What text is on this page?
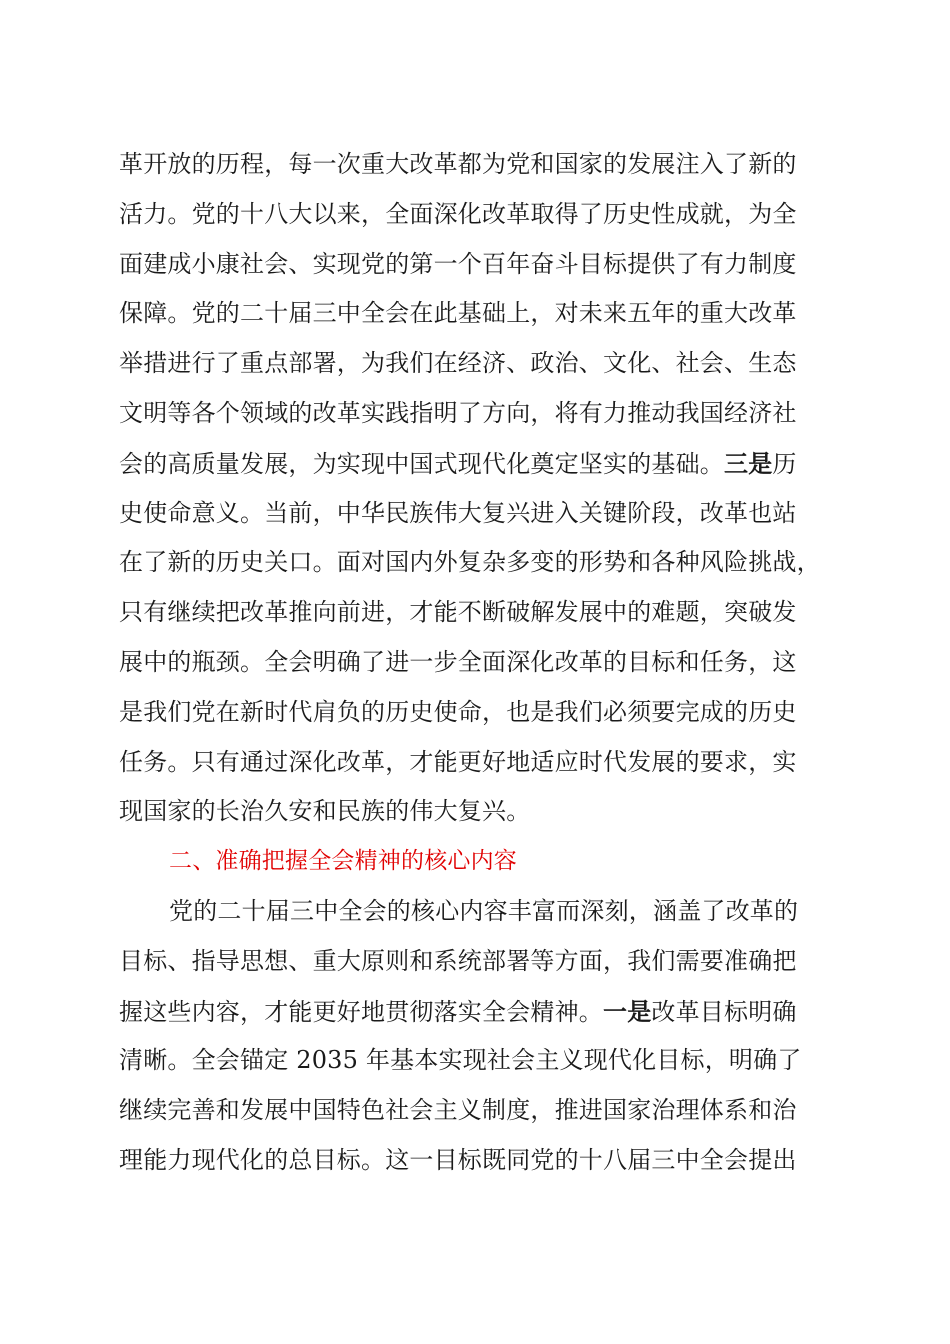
革开放的历程，每一次重大改革都为党和国家的发展注入了新的
活力。党的十八大以来，全面深化改革取得了历史性成就，为全
面建成小康社会、实现党的第一个百年奋斗目标提供了有力制度
保障。党的二十届三中全会在此基础上，对未来五年的重大改革
举措进行了重点部署，为我们在经济、政治、文化、社会、生态
文明等各个领域的改革实践指明了方向，将有力推动我国经济社
会的高质量发展，为实现中国式现代化奠定坚实的基础。三是历
史使命意义。当前，中华民族伟大复兴进入关键阶段，改革也站
在了新的历史关口。面对国内外复杂多变的形势和各种风险挑战，
只有继续把改革推向前进，才能不断破解发展中的难题，突破发
展中的瓶颈。全会明确了进一步全面深化改革的目标和任务，这
是我们党在新时代肩负的历史使命，也是我们必须要完成的历史
任务。只有通过深化改革，才能更好地适应时代发展的要求，实
现国家的长治久安和民族的伟大复兴。
二、准确把握全会精神的核心内容
党的二十届三中全会的核心内容丰富而深刻，涵盖了改革的
目标、指导思想、重大原则和系统部署等方面，我们需要准确把
握这些内容，才能更好地贯彻落实全会精神。一是改革目标明确
清晰。全会锚定 2035 年基本实现社会主义现代化目标，明确了
继续完善和发展中国特色社会主义制度，推进国家治理体系和治
理能力现代化的总目标。这一目标既同党的十八届三中全会提出
